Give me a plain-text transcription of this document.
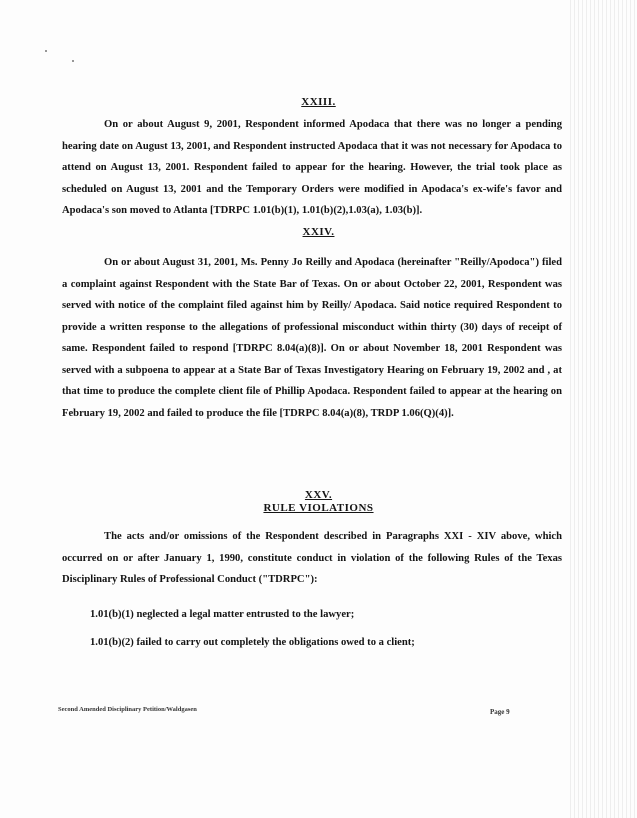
XXIII.
On or about August 9, 2001, Respondent informed Apodaca that there was no longer a pending hearing date on August 13, 2001, and Respondent instructed Apodaca that it was not necessary for Apodaca to attend on August 13, 2001. Respondent failed to appear for the hearing. However, the trial took place as scheduled on August 13, 2001 and the Temporary Orders were modified in Apodaca's ex-wife's favor and Apodaca's son moved to Atlanta [TDRPC 1.01(b)(1), 1.01(b)(2),1.03(a), 1.03(b)].
XXIV.
On or about August 31, 2001, Ms. Penny Jo Reilly and Apodaca (hereinafter "Reilly/Apodoca") filed a complaint against Respondent with the State Bar of Texas. On or about October 22, 2001, Respondent was served with notice of the complaint filed against him by Reilly/ Apodaca. Said notice required Respondent to provide a written response to the allegations of professional misconduct within thirty (30) days of receipt of same. Respondent failed to respond [TDRPC 8.04(a)(8)]. On or about November 18, 2001 Respondent was served with a subpoena to appear at a State Bar of Texas Investigatory Hearing on February 19, 2002 and , at that time to produce the complete client file of Phillip Apodaca. Respondent failed to appear at the hearing on February 19, 2002 and failed to produce the file [TDRPC 8.04(a)(8), TRDP 1.06(Q)(4)].
XXV.
RULE VIOLATIONS
The acts and/or omissions of the Respondent described in Paragraphs XXI - XIV above, which occurred on or after January 1, 1990, constitute conduct in violation of the following Rules of the Texas Disciplinary Rules of Professional Conduct ("TDRPC"):
1.01(b)(1) neglected a legal matter entrusted to the lawyer;
1.01(b)(2) failed to carry out completely the obligations owed to a client;
Second Amended Disciplinary Petition/Waldgasen	Page 9
